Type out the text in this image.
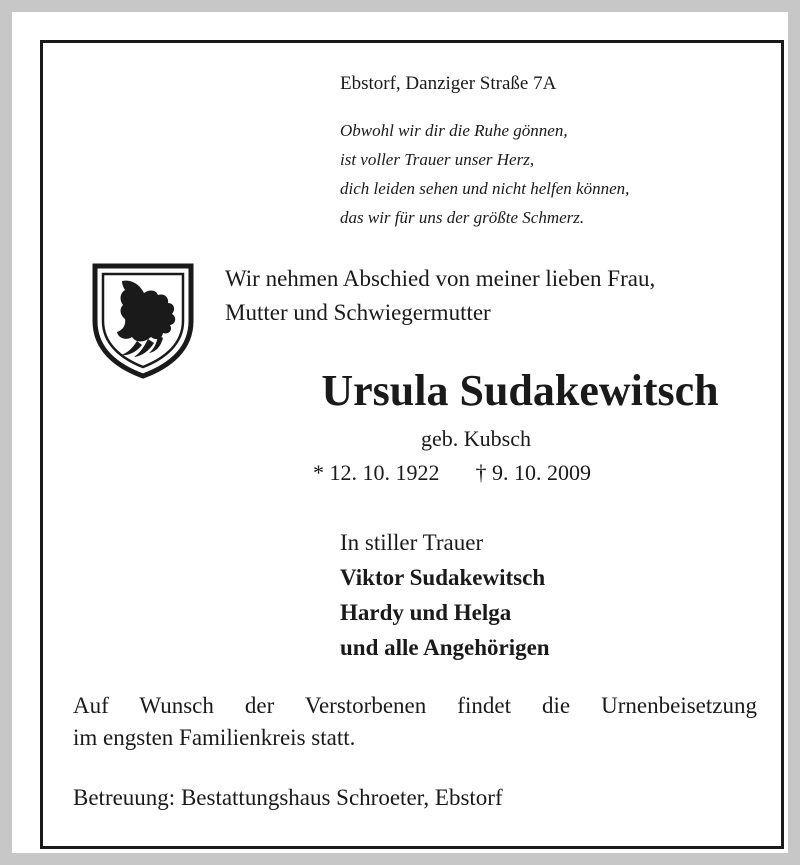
Ebstorf, Danziger Straße 7A

Obwohl wir dir die Ruhe gönnen,

ist voller Trauer unser Herz,

dich leiden sehen und nicht helfen können,

das wir für uns der größte Schmerz.

Wir nehmen Abschied von meiner lieben Frau,

Mutter und Schwiegermutter

Ursula Sudakewitsch

geb. Kubsch

* 12. 10. 1922 † 9. 10. 2009

In stiller Trauer

Viktor Sudakewitsch

Hardy und Helga

und alle Angehörigen

Auf Wunsch der Verstorbenen findet die Urnenbeisetzung
im engsten Familienkreis statt.

Betreuung: Bestattungshaus Schroeter, Ebstorf
